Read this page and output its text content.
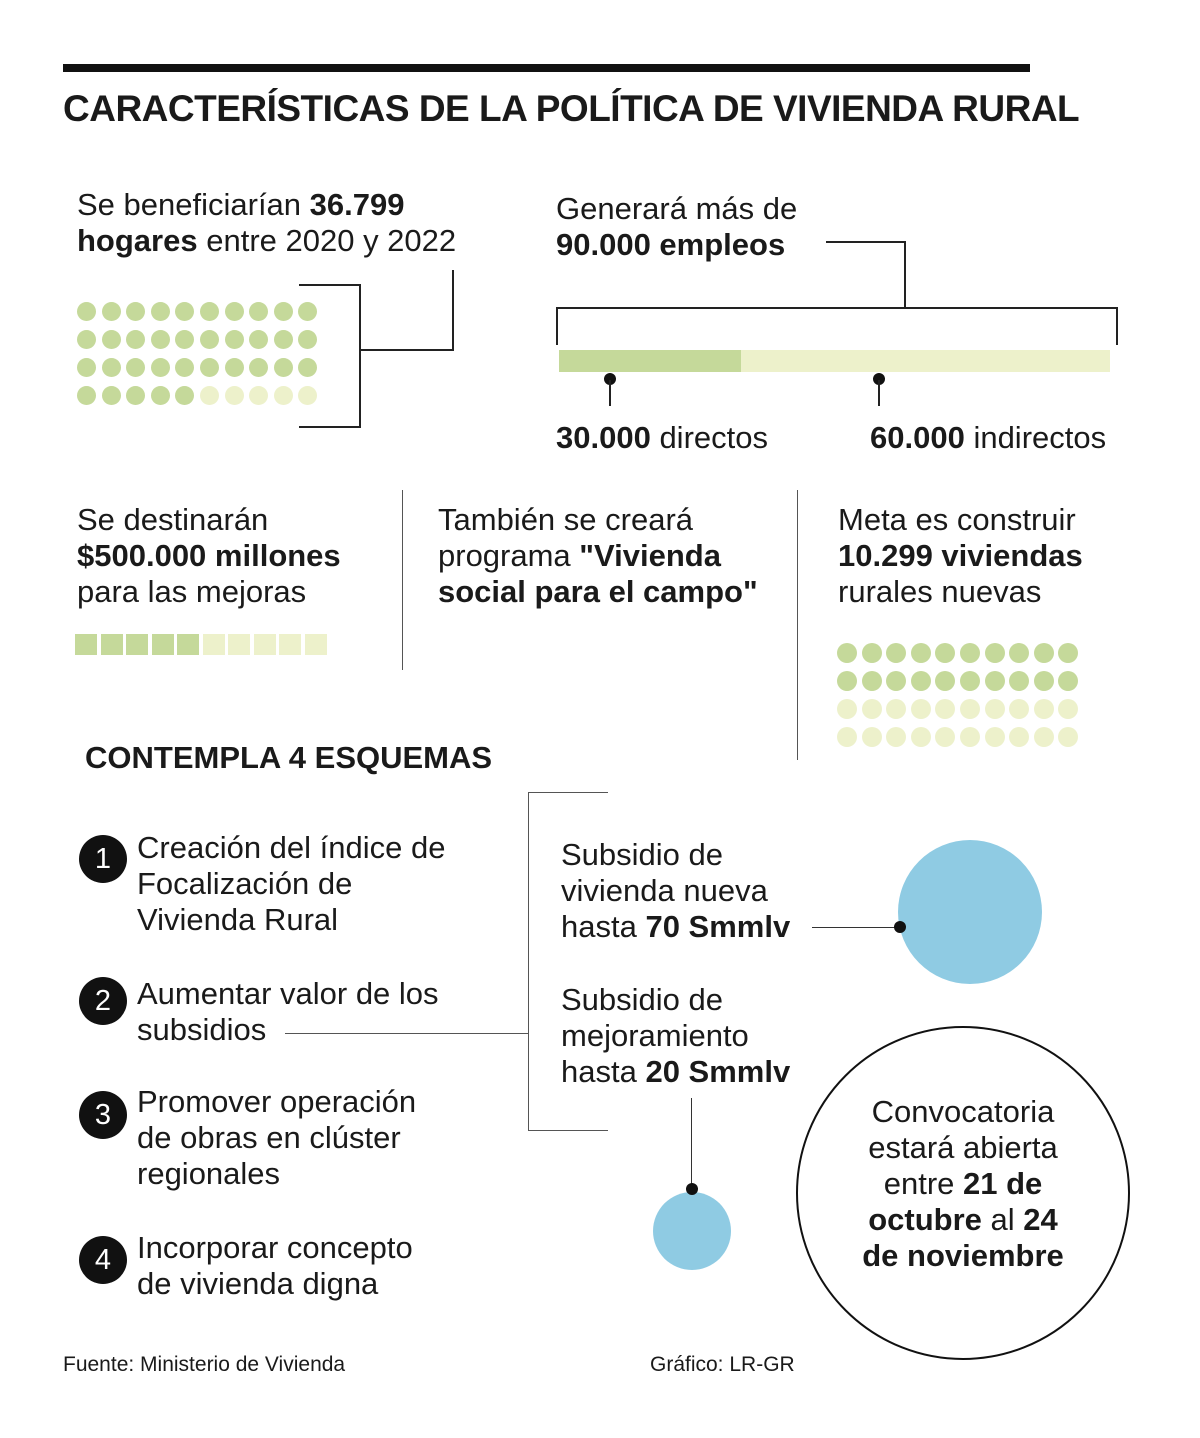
CARACTERÍSTICAS DE LA POLÍTICA DE VIVIENDA RURAL
Se beneficiarían 36.799
hogares entre 2020 y 2022
Generará más de
90.000 empleos
30.000 directos	60.000 indirectos
Se destinarán
$500.000 millones
para las mejoras
También se creará
programa "Vivienda
social para el campo"
Meta es construir
10.299 viviendas
rurales nuevas
CONTEMPLA 4 ESQUEMAS
1 Creación del índice de
Focalización de
Vivienda Rural
2 Aumentar valor de los
subsidios
3 Promover operación
de obras en clúster
regionales
4 Incorporar concepto
de vivienda digna
Subsidio de
vivienda nueva
hasta 70 Smmlv
Subsidio de
mejoramiento
hasta 20 Smmlv
Convocatoria
estará abierta
entre 21 de
octubre al 24
de noviembre
Fuente: Ministerio de Vivienda	Gráfico: LR-GR
